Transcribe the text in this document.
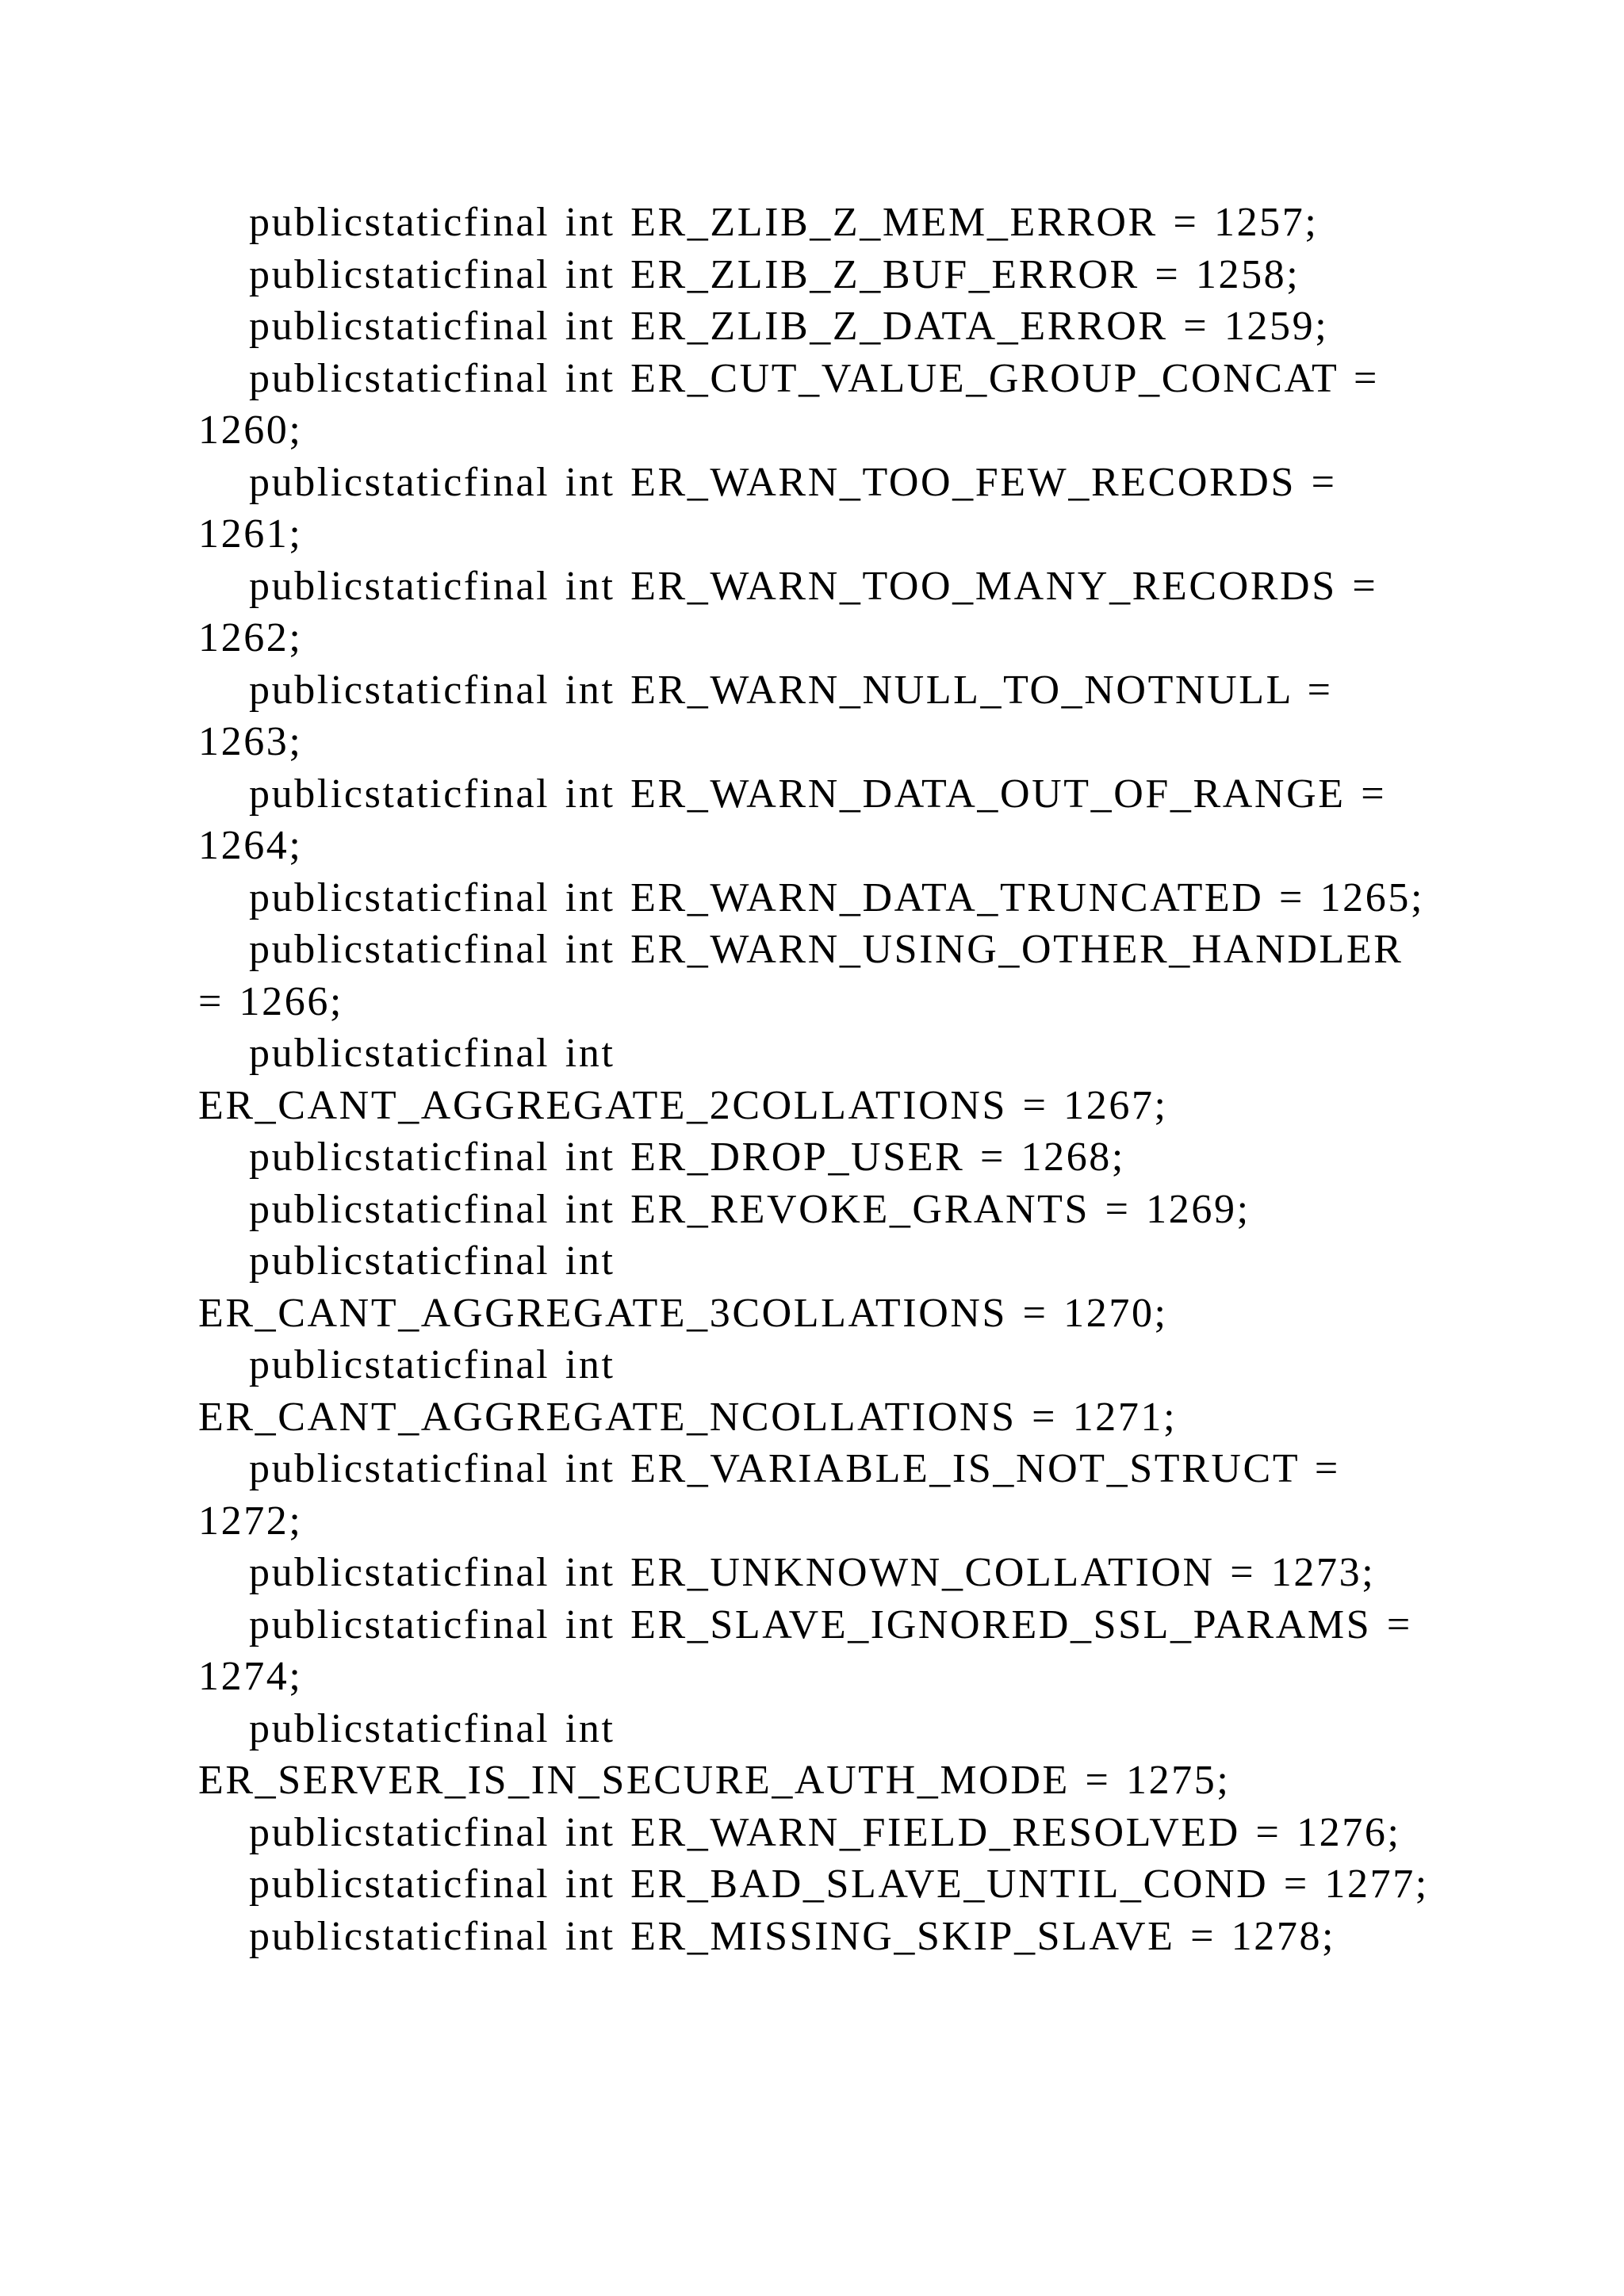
publicstaticfinal int ER_ZLIB_Z_MEM_ERROR = 1257;

publicstaticfinal int ER_ZLIB_Z_BUF_ERROR = 1258;

publicstaticfinal int ER_ZLIB_Z_DATA_ERROR = 1259;

publicstaticfinal int ER_CUT_VALUE_GROUP_CONCAT = 1260;

publicstaticfinal int ER_WARN_TOO_FEW_RECORDS = 1261;

publicstaticfinal int ER_WARN_TOO_MANY_RECORDS = 1262;

publicstaticfinal int ER_WARN_NULL_TO_NOTNULL = 1263;

publicstaticfinal int ER_WARN_DATA_OUT_OF_RANGE = 1264;

publicstaticfinal int ER_WARN_DATA_TRUNCATED = 1265;

publicstaticfinal int ER_WARN_USING_OTHER_HANDLER = 1266;

publicstaticfinal int ER_CANT_AGGREGATE_2COLLATIONS = 1267;

publicstaticfinal int ER_DROP_USER = 1268;

publicstaticfinal int ER_REVOKE_GRANTS = 1269;

publicstaticfinal int ER_CANT_AGGREGATE_3COLLATIONS = 1270;

publicstaticfinal int ER_CANT_AGGREGATE_NCOLLATIONS = 1271;

publicstaticfinal int ER_VARIABLE_IS_NOT_STRUCT = 1272;

publicstaticfinal int ER_UNKNOWN_COLLATION = 1273;

publicstaticfinal int ER_SLAVE_IGNORED_SSL_PARAMS = 1274;

publicstaticfinal int ER_SERVER_IS_IN_SECURE_AUTH_MODE = 1275;

publicstaticfinal int ER_WARN_FIELD_RESOLVED = 1276;

publicstaticfinal int ER_BAD_SLAVE_UNTIL_COND = 1277;

publicstaticfinal int ER_MISSING_SKIP_SLAVE = 1278;
